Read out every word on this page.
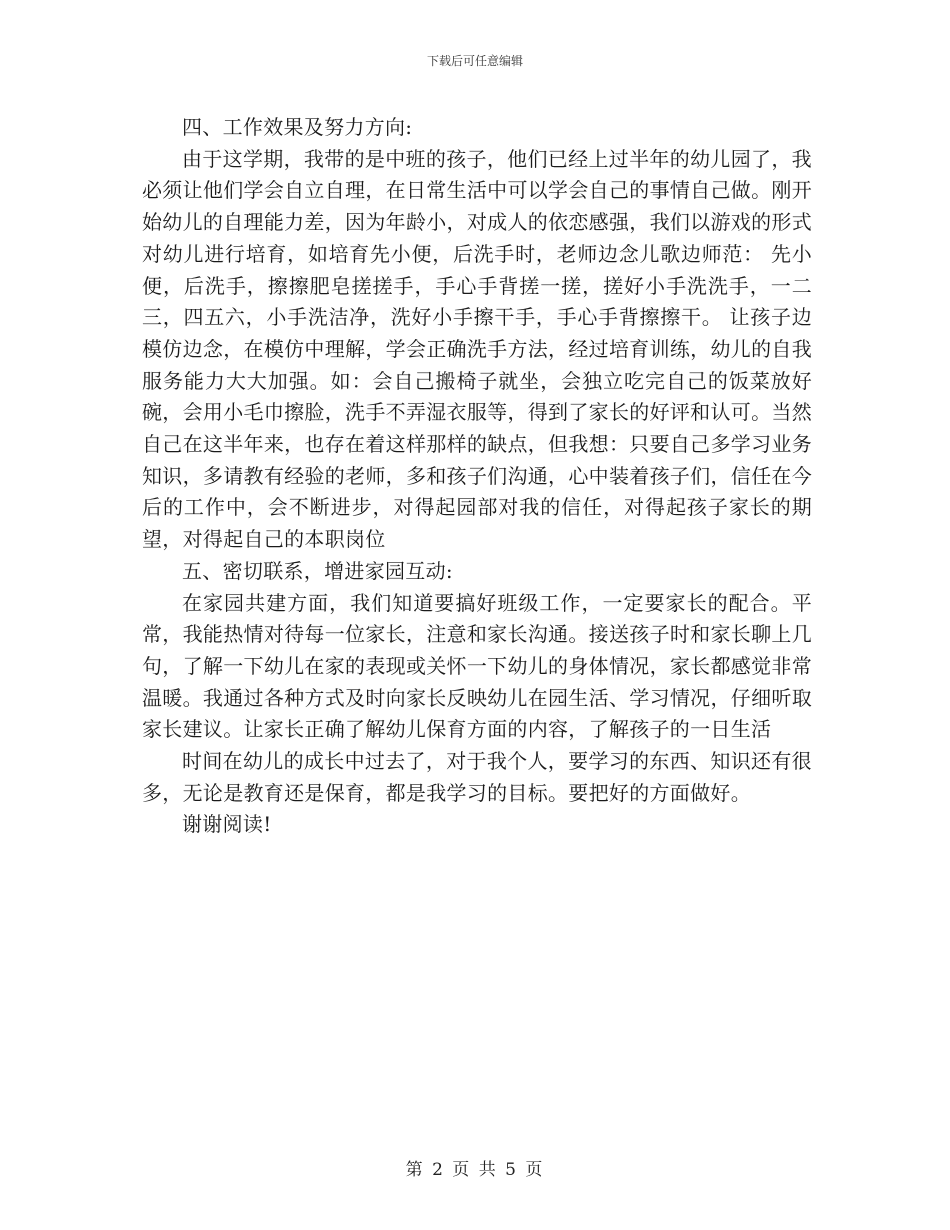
下载后可任意编辑

四、工作效果及努力方向:

由于这学期，我带的是中班的孩子，他们已经上过半年的幼儿园了，我必须让他们学会自立自理，在日常生活中可以学会自己的事情自己做。刚开始幼儿的自理能力差，因为年龄小，对成人的依恋感强，我们以游戏的形式对幼儿进行培育，如培育先小便，后洗手时，老师边念儿歌边师范： 先小便，后洗手，擦擦肥皂搓搓手，手心手背搓一搓，搓好小手洗洗手，一二三，四五六，小手洗洁净，洗好小手擦干手，手心手背擦擦干。 让孩子边模仿边念，在模仿中理解，学会正确洗手方法，经过培育训练，幼儿的自我服务能力大大加强。如：会自己搬椅子就坐，会独立吃完自己的饭菜放好碗，会用小毛巾擦脸，洗手不弄湿衣服等，得到了家长的好评和认可。当然自己在这半年来，也存在着这样那样的缺点，但我想：只要自己多学习业务知识，多请教有经验的老师，多和孩子们沟通，心中装着孩子们，信任在今后的工作中，会不断进步，对得起园部对我的信任，对得起孩子家长的期望，对得起自己的本职岗位

五、密切联系，增进家园互动:

在家园共建方面，我们知道要搞好班级工作，一定要家长的配合。平常，我能热情对待每一位家长，注意和家长沟通。接送孩子时和家长聊上几句，了解一下幼儿在家的表现或关怀一下幼儿的身体情况，家长都感觉非常温暖。我通过各种方式及时向家长反映幼儿在园生活、学习情况，仔细听取家长建议。让家长正确了解幼儿保育方面的内容，了解孩子的一日生活

时间在幼儿的成长中过去了，对于我个人，要学习的东西、知识还有很多，无论是教育还是保育，都是我学习的目标。要把好的方面做好。

谢谢阅读!

第 2 页 共 5 页
